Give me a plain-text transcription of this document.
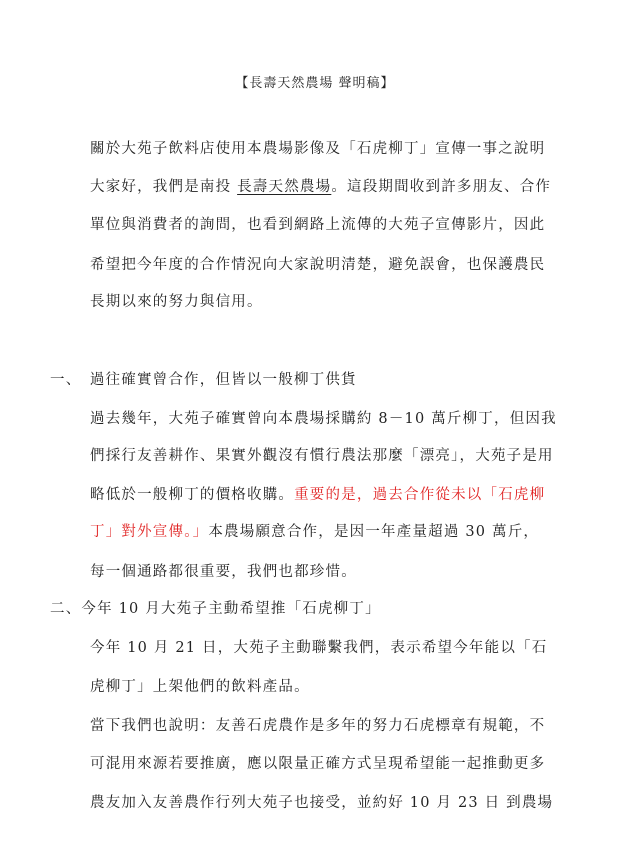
【長壽天然農場 聲明稿】
關於大苑子飲料店使用本農場影像及「石虎柳丁」宣傳一事之說明
大家好，我們是南投 長壽天然農場。這段期間收到許多朋友、合作
單位與消費者的詢問，也看到網路上流傳的大苑子宣傳影片，因此
希望把今年度的合作情況向大家說明清楚，避免誤會，也保護農民
長期以來的努力與信用。
一、　過往確實曾合作，但皆以一般柳丁供貨
過去幾年，大苑子確實曾向本農場採購約 8－10 萬斤柳丁，但因我
們採行友善耕作、果實外觀沒有慣行農法那麼「漂亮」，大苑子是用
略低於一般柳丁的價格收購。重要的是，過去合作從未以「石虎柳
丁」對外宣傳。」本農場願意合作，是因一年產量超過 30 萬斤，
每一個通路都很重要，我們也都珍惜。
二、今年 10 月大苑子主動希望推「石虎柳丁」
今年 10 月 21 日，大苑子主動聯繫我們，表示希望今年能以「石
虎柳丁」上架他們的飲料產品。
當下我們也說明：友善石虎農作是多年的努力石虎標章有規範，不
可混用來源若要推廣，應以限量正確方式呈現希望能一起推動更多
農友加入友善農作行列大苑子也接受，並約好 10 月 23 日 到農場
